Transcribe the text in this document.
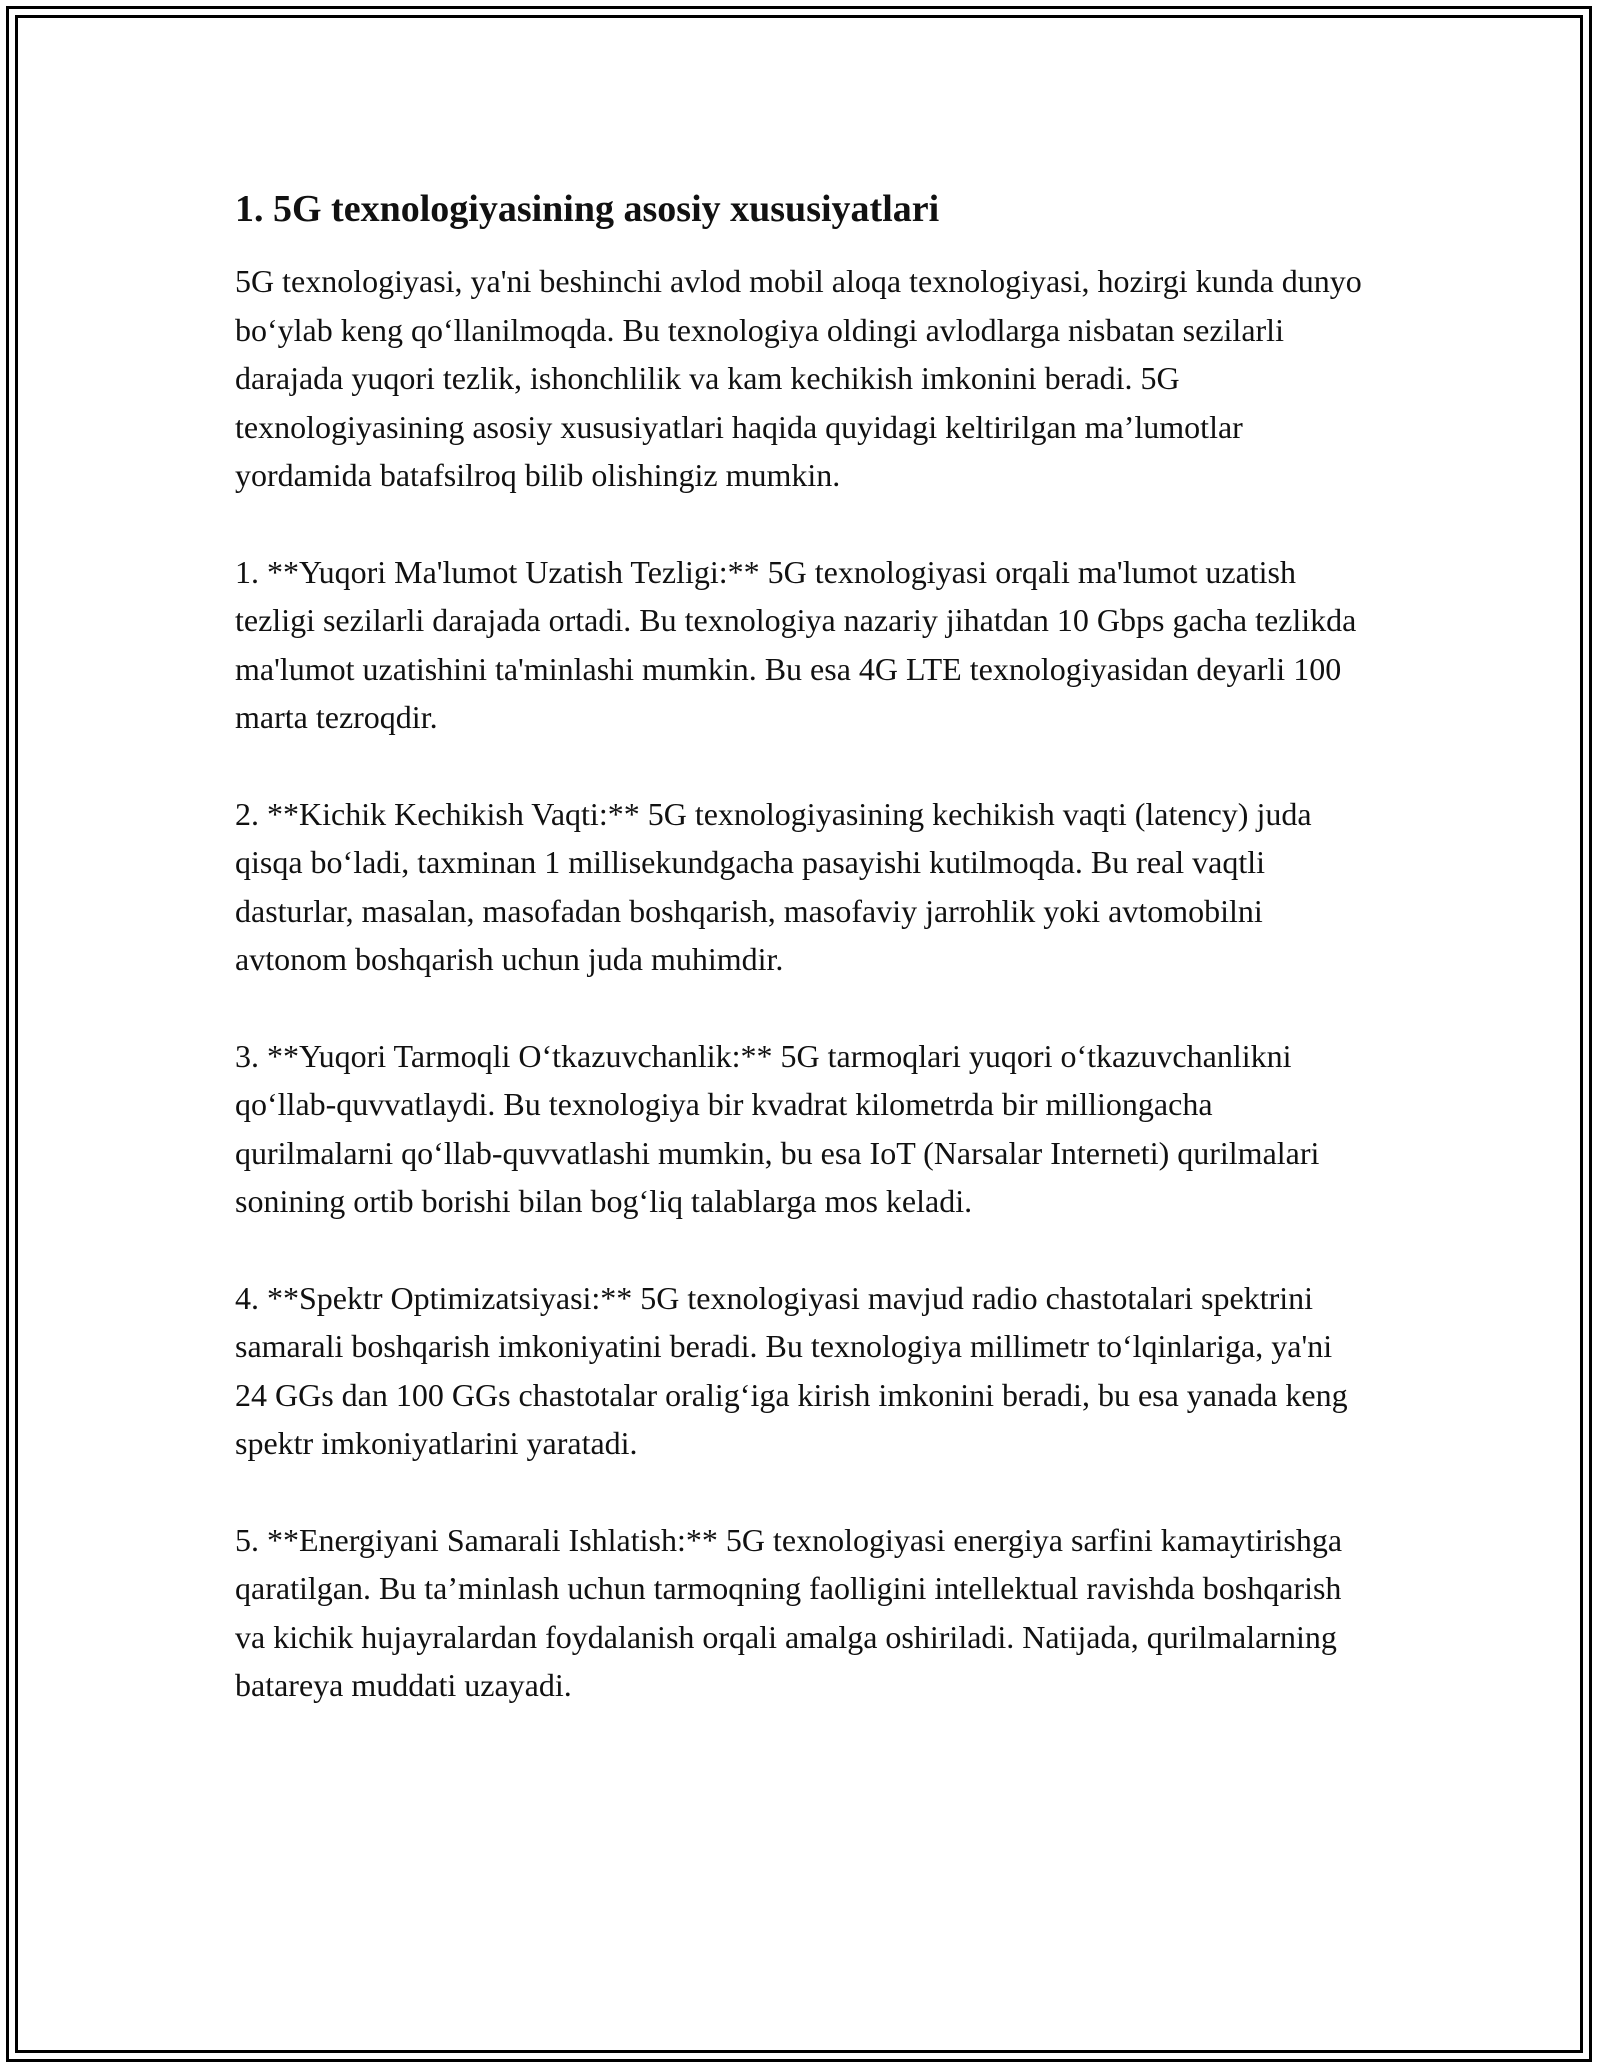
1. 5G texnologiyasining asosiy xususiyatlari

5G texnologiyasi, ya'ni beshinchi avlod mobil aloqa texnologiyasi, hozirgi kunda dunyo bo‘ylab keng qo‘llanilmoqda. Bu texnologiya oldingi avlodlarga nisbatan sezilarli darajada yuqori tezlik, ishonchlilik va kam kechikish imkonini beradi. 5G texnologiyasining asosiy xususiyatlari haqida quyidagi keltirilgan ma’lumotlar yordamida batafsilroq bilib olishingiz mumkin.

1. **Yuqori Ma'lumot Uzatish Tezligi:** 5G texnologiyasi orqali ma'lumot uzatish tezligi sezilarli darajada ortadi. Bu texnologiya nazariy jihatdan 10 Gbps gacha tezlikda ma'lumot uzatishini ta'minlashi mumkin. Bu esa 4G LTE texnologiyasidan deyarli 100 marta tezroqdir.

2. **Kichik Kechikish Vaqti:** 5G texnologiyasining kechikish vaqti (latency) juda qisqa bo‘ladi, taxminan 1 millisekundgacha pasayishi kutilmoqda. Bu real vaqtli dasturlar, masalan, masofadan boshqarish, masofaviy jarrohlik yoki avtomobilni avtonom boshqarish uchun juda muhimdir.

3. **Yuqori Tarmoqli O‘tkazuvchanlik:** 5G tarmoqlari yuqori o‘tkazuvchanlikni qo‘llab-quvvatlaydi. Bu texnologiya bir kvadrat kilometrda bir milliongacha qurilmalarni qo‘llab-quvvatlashi mumkin, bu esa IoT (Narsalar Interneti) qurilmalari sonining ortib borishi bilan bog‘liq talablarga mos keladi.

4. **Spektr Optimizatsiyasi:** 5G texnologiyasi mavjud radio chastotalari spektrini samarali boshqarish imkoniyatini beradi. Bu texnologiya millimetr to‘lqinlariga, ya'ni 24 GGs dan 100 GGs chastotalar oralig‘iga kirish imkonini beradi, bu esa yanada keng spektr imkoniyatlarini yaratadi.

5. **Energiyani Samarali Ishlatish:** 5G texnologiyasi energiya sarfini kamaytirishga qaratilgan. Bu ta’minlash uchun tarmoqning faolligini intellektual ravishda boshqarish va kichik hujayralardan foydalanish orqali amalga oshiriladi. Natijada, qurilmalarning batareya muddati uzayadi.
